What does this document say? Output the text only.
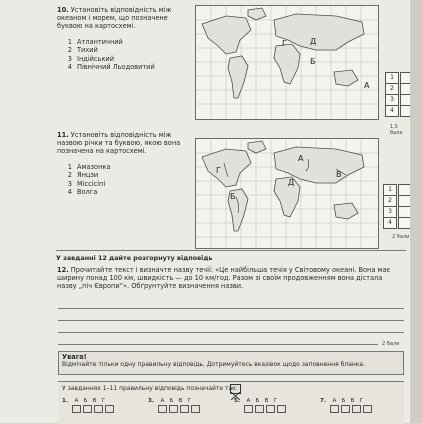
10. Установіть відповідність між океаном і морем, що позначене буквою на картосхемі.
1 Атлантичний
2 Тихий
3 Індійський
4 Північний Льодовитий
Г	Д
Б
А
1
2
3
4
1,5 бала
11. Установіть відповідність між назвою річки та буквою, якою вона позначена на картосхемі.
1 Амазонка
2 Янцзи
3 Міссісіпі
4 Волга
Г
А
Д
В
Б
1
2
3
4
2 бали
У завданні 12 дайте розгорнуту відповідь
12. Прочитайте текст і визначте назву течії: «Це найбільша течія у Світовому океані. Вона має ширину понад 100 км, швидкість — до 10 км/год. Разом зі своїм продовженням вона дістала назву „піч Європи“». Обґрунтуйте визначення назви.
2 бали
Увага!
Відмічайте тільки одну правильну відповідь. Дотримуйтесь вказівок щодо заповнення бланка.
У завданнях 1–11 правильну відповідь позначайте так:
1.	А Б В Г	3.	А Б В Г	5.	А Б В Г	7.	А Б В Г
